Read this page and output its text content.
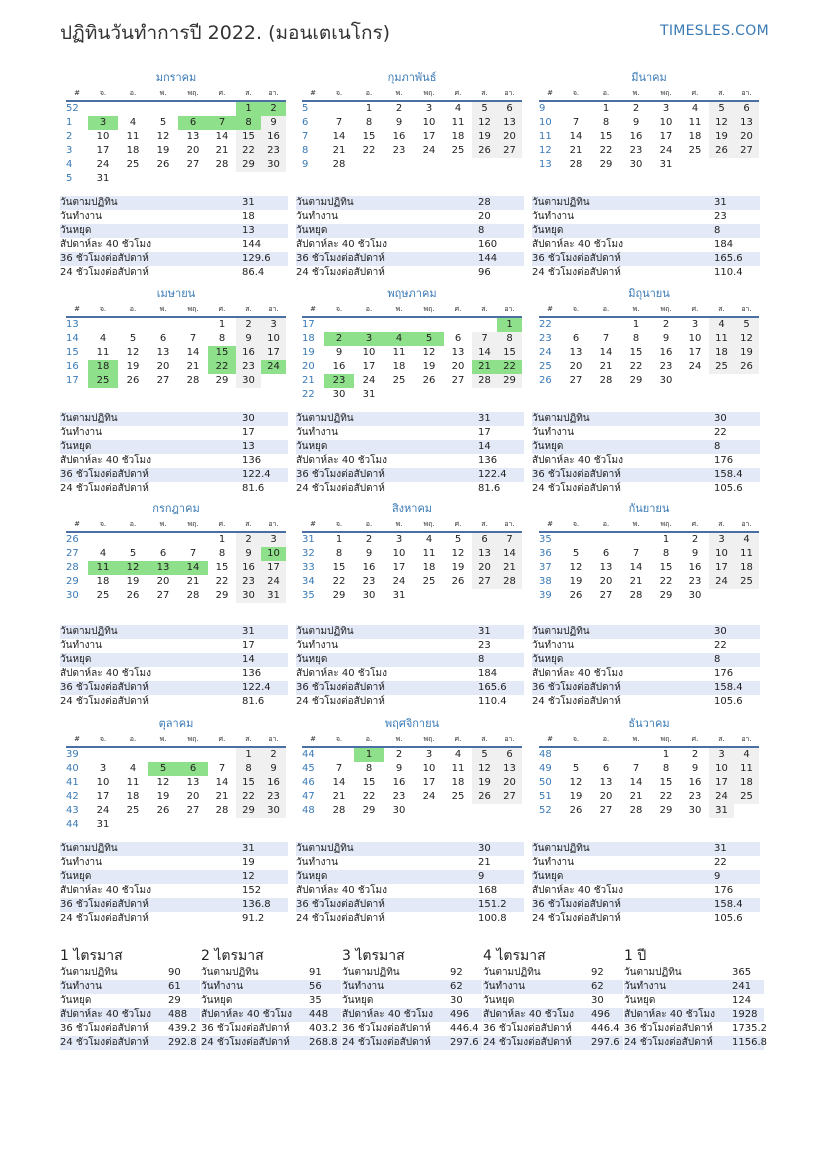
ปฏิทินวันทำการปี 2022. (มอนเตเนโกร)	TIMESLES.COM
มกราคม
#	จ.	อ.	พ.	พฤ.	ศ.	ส.	อา.
52						1	2
1	3	4	5	6	7	8	9
2	10	11	12	13	14	15	16
3	17	18	19	20	21	22	23
4	24	25	26	27	28	29	30
5	31						
วันตามปฏิทิน	31
วันทำงาน	18
วันหยุด	13
สัปดาห์ละ 40 ชั่วโมง	144
36 ชั่วโมงต่อสัปดาห์	129.6
24 ชั่วโมงต่อสัปดาห์	86.4
กุมภาพันธ์
#	จ.	อ.	พ.	พฤ.	ศ.	ส.	อา.
5		1	2	3	4	5	6
6	7	8	9	10	11	12	13
7	14	15	16	17	18	19	20
8	21	22	23	24	25	26	27
9	28						
วันตามปฏิทิน	28
วันทำงาน	20
วันหยุด	8
สัปดาห์ละ 40 ชั่วโมง	160
36 ชั่วโมงต่อสัปดาห์	144
24 ชั่วโมงต่อสัปดาห์	96
มีนาคม
#	จ.	อ.	พ.	พฤ.	ศ.	ส.	อา.
9		1	2	3	4	5	6
10	7	8	9	10	11	12	13
11	14	15	16	17	18	19	20
12	21	22	23	24	25	26	27
13	28	29	30	31			
วันตามปฏิทิน	31
วันทำงาน	23
วันหยุด	8
สัปดาห์ละ 40 ชั่วโมง	184
36 ชั่วโมงต่อสัปดาห์	165.6
24 ชั่วโมงต่อสัปดาห์	110.4
เมษายน
#	จ.	อ.	พ.	พฤ.	ศ.	ส.	อา.
13					1	2	3
14	4	5	6	7	8	9	10
15	11	12	13	14	15	16	17
16	18	19	20	21	22	23	24
17	25	26	27	28	29	30	
วันตามปฏิทิน	30
วันทำงาน	17
วันหยุด	13
สัปดาห์ละ 40 ชั่วโมง	136
36 ชั่วโมงต่อสัปดาห์	122.4
24 ชั่วโมงต่อสัปดาห์	81.6
พฤษภาคม
#	จ.	อ.	พ.	พฤ.	ศ.	ส.	อา.
17							1
18	2	3	4	5	6	7	8
19	9	10	11	12	13	14	15
20	16	17	18	19	20	21	22
21	23	24	25	26	27	28	29
22	30	31					
วันตามปฏิทิน	31
วันทำงาน	17
วันหยุด	14
สัปดาห์ละ 40 ชั่วโมง	136
36 ชั่วโมงต่อสัปดาห์	122.4
24 ชั่วโมงต่อสัปดาห์	81.6
มิถุนายน
#	จ.	อ.	พ.	พฤ.	ศ.	ส.	อา.
22			1	2	3	4	5
23	6	7	8	9	10	11	12
24	13	14	15	16	17	18	19
25	20	21	22	23	24	25	26
26	27	28	29	30			
วันตามปฏิทิน	30
วันทำงาน	22
วันหยุด	8
สัปดาห์ละ 40 ชั่วโมง	176
36 ชั่วโมงต่อสัปดาห์	158.4
24 ชั่วโมงต่อสัปดาห์	105.6
กรกฎาคม
#	จ.	อ.	พ.	พฤ.	ศ.	ส.	อา.
26					1	2	3
27	4	5	6	7	8	9	10
28	11	12	13	14	15	16	17
29	18	19	20	21	22	23	24
30	25	26	27	28	29	30	31
วันตามปฏิทิน	31
วันทำงาน	17
วันหยุด	14
สัปดาห์ละ 40 ชั่วโมง	136
36 ชั่วโมงต่อสัปดาห์	122.4
24 ชั่วโมงต่อสัปดาห์	81.6
สิงหาคม
#	จ.	อ.	พ.	พฤ.	ศ.	ส.	อา.
31	1	2	3	4	5	6	7
32	8	9	10	11	12	13	14
33	15	16	17	18	19	20	21
34	22	23	24	25	26	27	28
35	29	30	31				
วันตามปฏิทิน	31
วันทำงาน	23
วันหยุด	8
สัปดาห์ละ 40 ชั่วโมง	184
36 ชั่วโมงต่อสัปดาห์	165.6
24 ชั่วโมงต่อสัปดาห์	110.4
กันยายน
#	จ.	อ.	พ.	พฤ.	ศ.	ส.	อา.
35				1	2	3	4
36	5	6	7	8	9	10	11
37	12	13	14	15	16	17	18
38	19	20	21	22	23	24	25
39	26	27	28	29	30		
วันตามปฏิทิน	30
วันทำงาน	22
วันหยุด	8
สัปดาห์ละ 40 ชั่วโมง	176
36 ชั่วโมงต่อสัปดาห์	158.4
24 ชั่วโมงต่อสัปดาห์	105.6
ตุลาคม
#	จ.	อ.	พ.	พฤ.	ศ.	ส.	อา.
39						1	2
40	3	4	5	6	7	8	9
41	10	11	12	13	14	15	16
42	17	18	19	20	21	22	23
43	24	25	26	27	28	29	30
44	31						
วันตามปฏิทิน	31
วันทำงาน	19
วันหยุด	12
สัปดาห์ละ 40 ชั่วโมง	152
36 ชั่วโมงต่อสัปดาห์	136.8
24 ชั่วโมงต่อสัปดาห์	91.2
พฤศจิกายน
#	จ.	อ.	พ.	พฤ.	ศ.	ส.	อา.
44		1	2	3	4	5	6
45	7	8	9	10	11	12	13
46	14	15	16	17	18	19	20
47	21	22	23	24	25	26	27
48	28	29	30				
วันตามปฏิทิน	30
วันทำงาน	21
วันหยุด	9
สัปดาห์ละ 40 ชั่วโมง	168
36 ชั่วโมงต่อสัปดาห์	151.2
24 ชั่วโมงต่อสัปดาห์	100.8
ธันวาคม
#	จ.	อ.	พ.	พฤ.	ศ.	ส.	อา.
48				1	2	3	4
49	5	6	7	8	9	10	11
50	12	13	14	15	16	17	18
51	19	20	21	22	23	24	25
52	26	27	28	29	30	31	
วันตามปฏิทิน	31
วันทำงาน	22
วันหยุด	9
สัปดาห์ละ 40 ชั่วโมง	176
36 ชั่วโมงต่อสัปดาห์	158.4
24 ชั่วโมงต่อสัปดาห์	105.6
1 ไตรมาส
วันตามปฏิทิน	90
วันทำงาน	61
วันหยุด	29
สัปดาห์ละ 40 ชั่วโมง	488
36 ชั่วโมงต่อสัปดาห์	439.2
24 ชั่วโมงต่อสัปดาห์	292.8
2 ไตรมาส
วันตามปฏิทิน	91
วันทำงาน	56
วันหยุด	35
สัปดาห์ละ 40 ชั่วโมง	448
36 ชั่วโมงต่อสัปดาห์	403.2
24 ชั่วโมงต่อสัปดาห์	268.8
3 ไตรมาส
วันตามปฏิทิน	92
วันทำงาน	62
วันหยุด	30
สัปดาห์ละ 40 ชั่วโมง	496
36 ชั่วโมงต่อสัปดาห์	446.4
24 ชั่วโมงต่อสัปดาห์	297.6
4 ไตรมาส
วันตามปฏิทิน	92
วันทำงาน	62
วันหยุด	30
สัปดาห์ละ 40 ชั่วโมง	496
36 ชั่วโมงต่อสัปดาห์	446.4
24 ชั่วโมงต่อสัปดาห์	297.6
1 ปี
วันตามปฏิทิน	365
วันทำงาน	241
วันหยุด	124
สัปดาห์ละ 40 ชั่วโมง	1928
36 ชั่วโมงต่อสัปดาห์	1735.2
24 ชั่วโมงต่อสัปดาห์	1156.8
